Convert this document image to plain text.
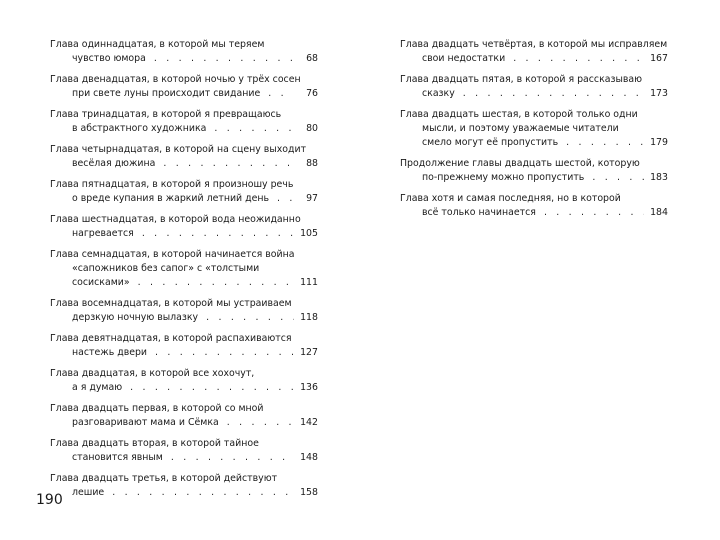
Глава одиннадцатая, в которой мы теряем
чувство юмора . . .	68
Глава двенадцатая, в которой ночью у трёх сосен
при свете луны происходит свидание . . .	76
Глава тринадцатая, в которой я превращаюсь
в абстрактного художника . . .	80
Глава четырнадцатая, в которой на сцену выходит
весёлая дюжина . . .	88
Глава пятнадцатая, в которой я произношу речь
о вреде купания в жаркий летний день . . .	97
Глава шестнадцатая, в которой вода неожиданно
нагревается . . .	105
Глава семнадцатая, в которой начинается война
«сапожников без сапог» с «толстыми
сосисками» . . .	111
Глава восемнадцатая, в которой мы устраиваем
дерзкую ночную вылазку . . .	118
Глава девятнадцатая, в которой распахиваются
настежь двери . . .	127
Глава двадцатая, в которой все хохочут,
а я думаю . . .	136
Глава двадцать первая, в которой со мной
разговаривают мама и Сёмка . . .	142
Глава двадцать вторая, в которой тайное
становится явным . . .	148
Глава двадцать третья, в которой действуют
лешие . . .	158
Глава двадцать четвёртая, в которой мы исправляем
свои недостатки . . .	167
Глава двадцать пятая, в которой я рассказываю
сказку . . .	173
Глава двадцать шестая, в которой только одни
мысли, и поэтому уважаемые читатели
смело могут её пропустить . . .	179
Продолжение главы двадцать шестой, которую
по-прежнему можно пропустить . . .	183
Глава хотя и самая последняя, но в которой
всё только начинается . . .	184
190
